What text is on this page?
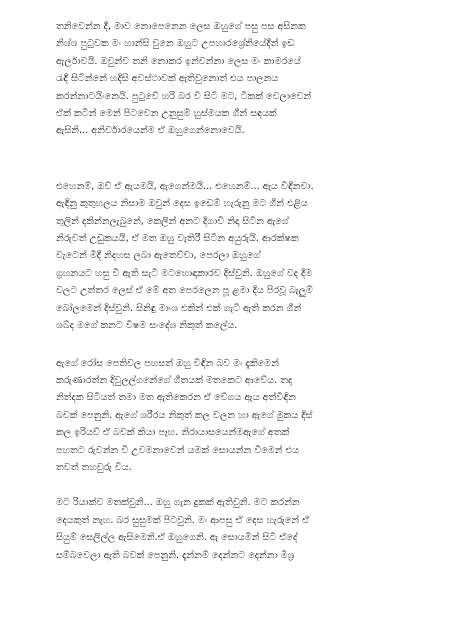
තනිවෙන්න දී, මාව නොපෙනෙන ලෙස ඔහුගේ පසු පස අසිනක
නිශ්ශ පුටුවක මං හාන්සි වුනෙ ඔහුට උපහාර​ශ්‍රේනියේදීත් ඉඩ
ඇර්ලාවයි. ඔවුන්ව තනි නොකර ඉන්වන්නා ලෙස මං කාමරයේ
රැඳී සිටින්නේ හදිසි අවස්ථාවක් ඇතිවුනොත් එය පාලනය
කරන්නාටයිංනෙයි. පුටුවේ හරි බර වී සිටි මට, ටිකක් වෙලාවෙන්
ඒක් කටින් මෙන් පිටවෙන උනුසුම් හුස්මයක ගීන් සඳයක්
ඇසිනි... අනිර්වාරයෙන්ම ඒ ඔහුගෙන්නොවෙයි.

එහෙනම්, ඔව් ඒ ඇයමයි, ඇගෙන්මයි... එහෙනම්... ඇය විඳිනවා.
ඇඳිනු කුතුහලය නිසාම ඔවුන් දෙස ඉඩෙම් හැරුනු මට ගීන් එළිය
තුලින් දකින්නලැබුනේ, කෙලින් අනට දිගාවී නිදා සිටින ඇගේ
නිරුවත් උඩුකයයි, ඒ මත ඔහු වැතිරී සිටින අයුරුයි. ආරක්ෂක
වැටෙන් මිදී නිදහස ලබා ඇතෙව්වා, පෙරලා ඔහුගේ
ග්‍රහනයට හසු වී ඇති සැටි මටහොඳාකාරව දිස්වුනි. ඔහුගේ වද දීම
වලට උත්තර ලෙස් ඒ මේ අත පෙරලෙන පූ ළමා දිය පිරවූ බැලුම්
බෝලමෙන් දිස්වුනි. සිනිඳු මාංශ එකින් එක් ගැටී ඇති කරන ගීන්
ශබ්ද මගේ කනට විෂම සංදේශ නිකුත් කලේය.

ඇගේ රෝස පෙතිවල පහසත් ඔහු විඳින බව මං දැකිමෙන්
කරුණාරත්න දිවුලල්ගනේගේ ගීතයක් මතකෙට ආවේය. තද
නිත්දක සිටියත් තමා මත ඇතිකෙරන ඒ වේගය ඇය අත්විඳින
බවක් පෙනුනි. ඇගේ ශරීරය නිකුත් කල වලන හා ඇගේ මුකය දිස්
කල ඉරියව් ඒ බවක් කියා පෑහ. නිරායාසයෙන්මඇගේ අතක්
පහතට රුවන්න වී උවමනාවෙන් යමක් සොයන්න වීමෙන් එය
තවත් තහවුරු විය.

මට රියාක්ව මතක්වුනි... ඔහු ගැන දුකක් ඇතිවුනි. මට කරන්න
දෙයකුත් නැහ. බර සුසුමක් පිටවුනි. මං ආපසු ඒ දෙස හැරුනේ ඒ
සියුම් සෙලිල්ල ඇසිමෙනි.ඒ ඔහුගෙනි. ඇ සොයමින් සිටි ඒදේ
සම්බවෙලා ඇති බවක් පෙනුනි. දැන්නම් දෙන්නට දෙන්නා මිශ්‍ර
